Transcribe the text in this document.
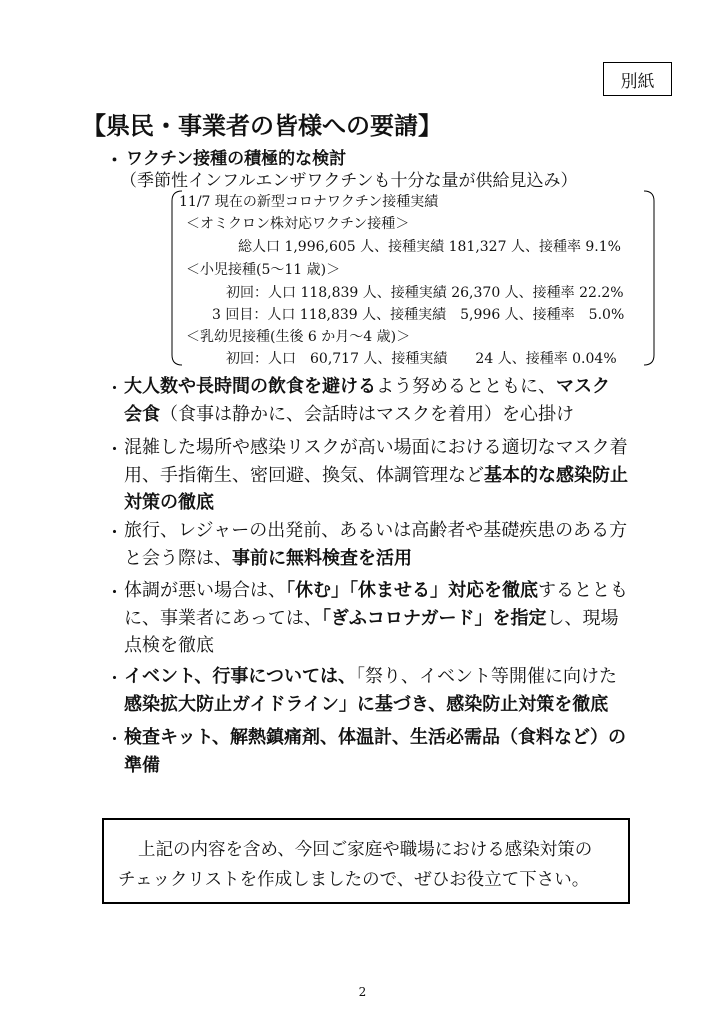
別紙
【県民・事業者の皆様への要請】
・ ワクチン接種の積極的な検討
（季節性インフルエンザワクチンも十分な量が供給見込み）
11/7 現在の新型コロナワクチン接種実績
＜オミクロン株対応ワクチン接種＞
総人口 1,996,605 人、接種実績 181,327 人、接種率 9.1%
＜小児接種(5～11 歳)＞
初回：人口 118,839 人、接種実績 26,370 人、接種率 22.2%
3 回目：人口 118,839 人、接種実績　5,996 人、接種率　5.0%
＜乳幼児接種(生後 6 か月～4 歳)＞
初回：人口　60,717 人、接種実績　　24 人、接種率 0.04%
・ 大人数や長時間の飲食を避けるよう努めるとともに、マスク
会食（食事は静かに、会話時はマスクを着用）を心掛け
・ 混雑した場所や感染リスクが高い場面における適切なマスク着
用、手指衛生、密回避、換気、体調管理など基本的な感染防止
対策の徹底
・ 旅行、レジャーの出発前、あるいは高齢者や基礎疾患のある方
と会う際は、事前に無料検査を活用
・ 体調が悪い場合は、「休む」「休ませる」対応を徹底するととも
に、事業者にあっては、「ぎふコロナガード」を指定し、現場
点検を徹底
・ イベント、行事については、「祭り、イベント等開催に向けた
感染拡大防止ガイドライン」に基づき、感染防止対策を徹底
・ 検査キット、解熱鎮痛剤、体温計、生活必需品（食料など）の
準備
上記の内容を含め、今回ご家庭や職場における感染対策の
チェックリストを作成しましたので、ぜひお役立て下さい。
2
